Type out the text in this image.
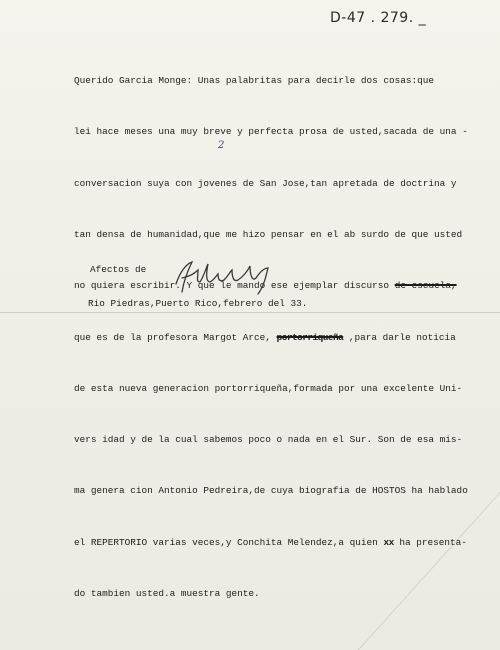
D-47 . 279. _

Querido Garcia Monge: Unas palabritas para decirle dos cosas:que

lei hace meses una muy breve y perfecta prosa de usted,sacada de una -

conversacion suya con jovenes de San Jose,tan apretada de doctrina y

tan densa de humanidad,que me hizo pensar en el ab surdo de que usted

no quiera escribir. Y que le mando ese ejemplar discurso de escuela,

que es de la profesora Margot Arce, portorriqueña ,para darle noticia

de esta nueva generacion portorriqueña,formada por una excelente Uni-

vers idad y de la cual sabemos poco o nada en el Sur. Son de esa mis-

ma genera cion Antonio Pedreira,de cuya biografia de HOSTOS ha hablado

el REPERTORIO varias veces,y Conchita Melendez,a quien xx ha presenta-

do tambien usted.a muestra gente.

2
Afectos de
Rio Piedras,Puerto Rico,febrero del 33.
